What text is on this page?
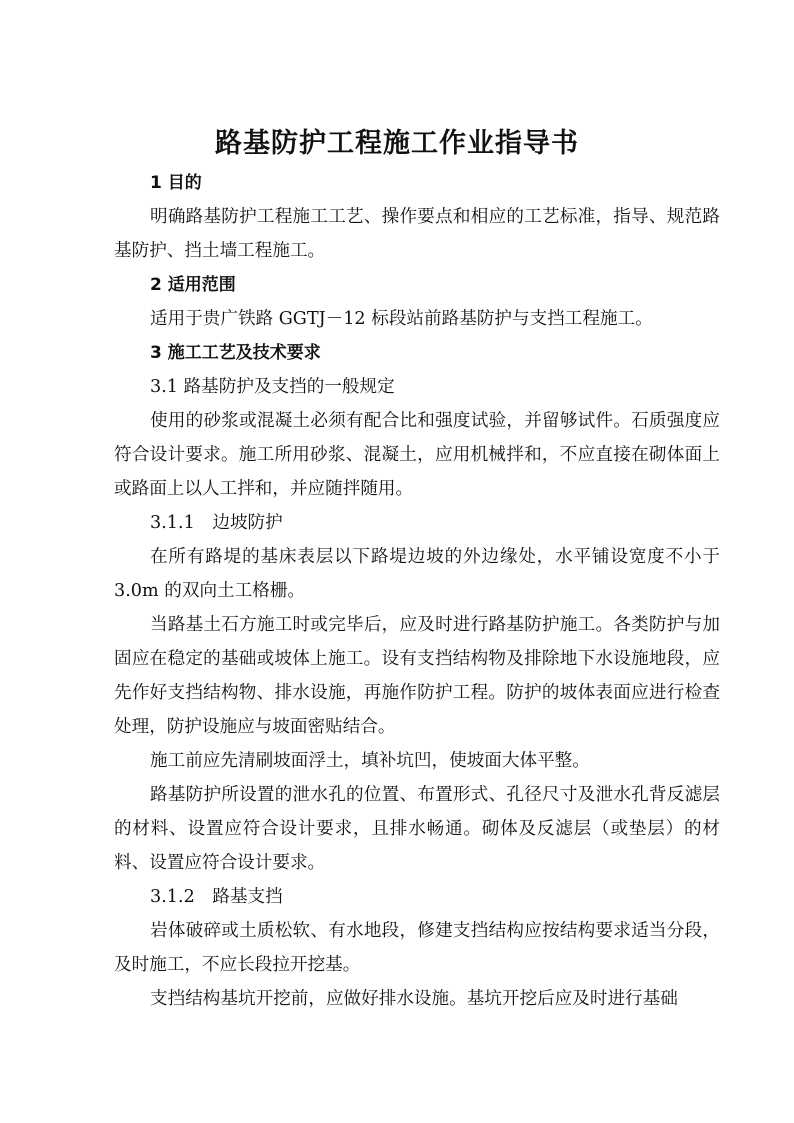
路基防护工程施工作业指导书

1 目的

明确路基防护工程施工工艺、操作要点和相应的工艺标准，指导、规范路基防护、挡土墙工程施工。

2 适用范围

适用于贵广铁路 GGTJ－12 标段站前路基防护与支挡工程施工。

3 施工工艺及技术要求

3.1 路基防护及支挡的一般规定

使用的砂浆或混凝土必须有配合比和强度试验，并留够试件。石质强度应符合设计要求。施工所用砂浆、混凝土，应用机械拌和，不应直接在砌体面上或路面上以人工拌和，并应随拌随用。

3.1.1　边坡防护

在所有路堤的基床表层以下路堤边坡的外边缘处，水平铺设宽度不小于 3.0m 的双向土工格栅。

当路基土石方施工时或完毕后，应及时进行路基防护施工。各类防护与加固应在稳定的基础或坡体上施工。设有支挡结构物及排除地下水设施地段，应先作好支挡结构物、排水设施，再施作防护工程。防护的坡体表面应进行检查处理，防护设施应与坡面密贴结合。

施工前应先清刷坡面浮土，填补坑凹，使坡面大体平整。

路基防护所设置的泄水孔的位置、布置形式、孔径尺寸及泄水孔背反滤层的材料、设置应符合设计要求，且排水畅通。砌体及反滤层（或垫层）的材料、设置应符合设计要求。

3.1.2　路基支挡

岩体破碎或土质松软、有水地段，修建支挡结构应按结构要求适当分段，及时施工，不应长段拉开挖基。

支挡结构基坑开挖前，应做好排水设施。基坑开挖后应及时进行基础
